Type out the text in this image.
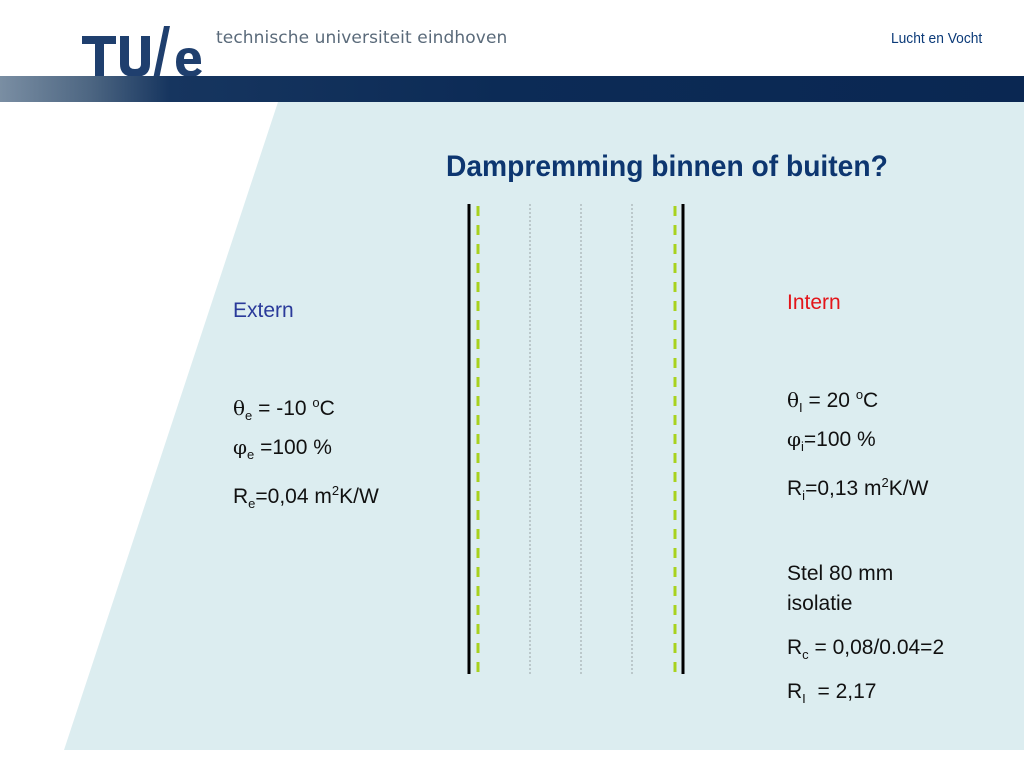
technische universiteit eindhoven	Lucht en Vocht
Dampremming binnen of buiten?
Extern
$\theta_e = -10$ $^o$C
$\varphi_e =100$ %
$R_e=0,04$ $m^2K/W$
Intern
$\theta_I = 20$ $^o$C
$\varphi_i=100$ %
$R_i=0,13$ $m^2K/W$
Stel 80 mm
isolatie
$R_c = 0,08/0.04=2$
$R_I = 2,17$
